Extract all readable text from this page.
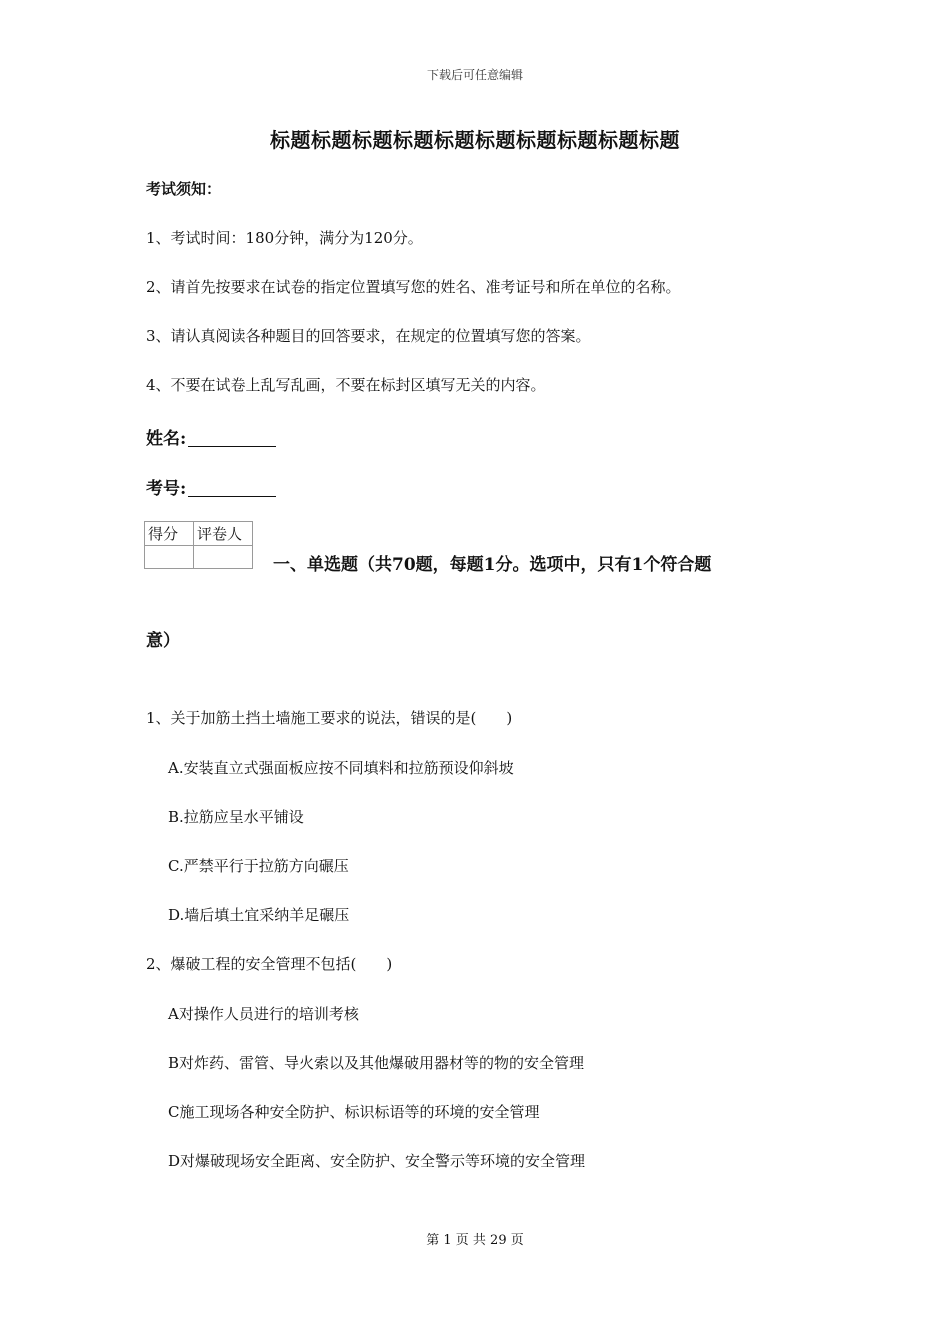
下载后可任意编辑
标题标题标题标题标题标题标题标题标题标题
考试须知：
1、考试时间：180分钟，满分为120分。
2、请首先按要求在试卷的指定位置填写您的姓名、准考证号和所在单位的名称。
3、请认真阅读各种题目的回答要求，在规定的位置填写您的答案。
4、不要在试卷上乱写乱画，不要在标封区填写无关的内容。
姓名:
考号:
得分	评卷人

一、单选题（共70题，每题1分。选项中，只有1个符合题
意）
1、关于加筋土挡土墙施工要求的说法，错误的是(　　)
A.安装直立式强面板应按不同填料和拉筋预设仰斜坡
B.拉筋应呈水平铺设
C.严禁平行于拉筋方向碾压
D.墙后填土宜采纳羊足碾压
2、爆破工程的安全管理不包括(　　)
A对操作人员进行的培训考核
B对炸药、雷管、导火索以及其他爆破用器材等的物的安全管理
C施工现场各种安全防护、标识标语等的环境的安全管理
D对爆破现场安全距离、安全防护、安全警示等环境的安全管理
第 1 页 共 29 页
